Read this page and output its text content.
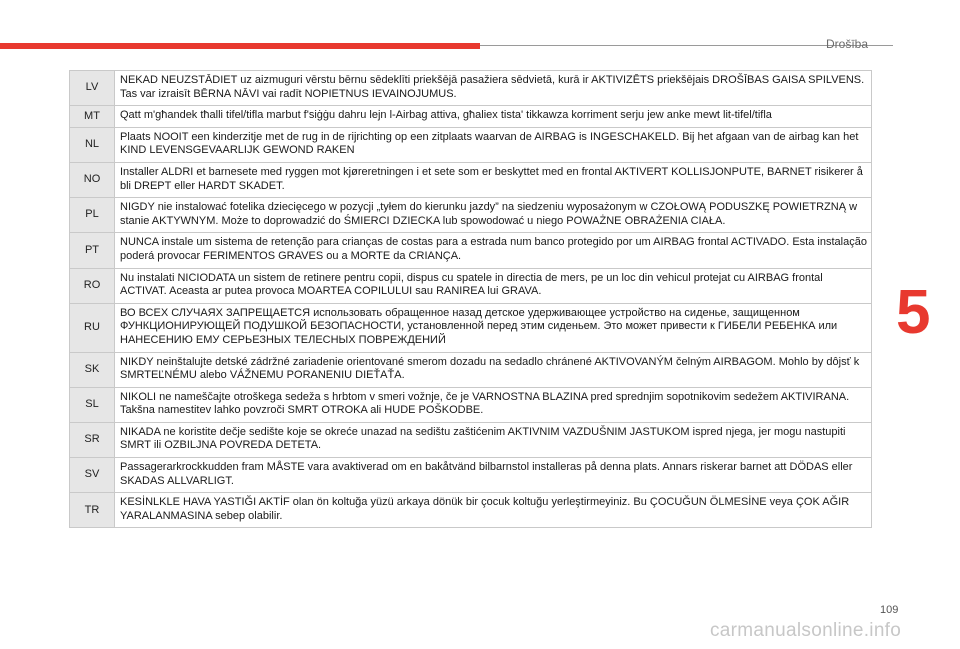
Drošība
LV	NEKAD NEUZSTĀDIET uz aizmuguri vērstu bērnu sēdeklīti priekšējā pasažiera sēdvietā, kurā ir AKTIVIZĒTS priekšējais DROŠĪBAS GAISA SPILVENS. Tas var izraisīt BĒRNA NĀVI vai radīt NOPIETNUS IEVAINOJUMUS.
MT	Qatt m'għandek tħalli tifel/tifla marbut f'siġġu dahru lejn l-Airbag attiva, għaliex tista' tikkawza korriment serju jew anke mewt lit-tifel/tifla
NL	Plaats NOOIT een kinderzitje met de rug in de rijrichting op een zitplaats waarvan de AIRBAG is INGESCHAKELD. Bij het afgaan van de airbag kan het KIND LEVENSGEVAARLIJK GEWOND RAKEN
NO	Installer ALDRI et barnesete med ryggen mot kjøreretningen i et sete som er beskyttet med en frontal AKTIVERT KOLLISJONPUTE, BARNET risikerer å bli DREPT eller HARDT SKADET.
PL	NIGDY nie instalować fotelika dziecięcego w pozycji „tyłem do kierunku jazdy” na siedzeniu wyposażonym w CZOŁOWĄ PODUSZKĘ POWIETRZNĄ w stanie AKTYWNYM. Może to doprowadzić do ŚMIERCI DZIECKA lub spowodować u niego POWAŻNE OBRAŻENIA CIAŁA.
PT	NUNCA instale um sistema de retenção para crianças de costas para a estrada num banco protegido por um AIRBAG frontal ACTIVADO. Esta instalação poderá provocar FERIMENTOS GRAVES ou a MORTE da CRIANÇA.
RO	Nu instalati NICIODATA un sistem de retinere pentru copii, dispus cu spatele in directia de mers, pe un loc din vehicul protejat cu AIRBAG frontal ACTIVAT. Aceasta ar putea provoca MOARTEA COPILULUI sau RANIREA lui GRAVA.
RU	ВО ВСЕХ СЛУЧАЯХ ЗАПРЕЩАЕТСЯ использовать обращенное назад детское удерживающее устройство на сиденье, защищенном ФУНКЦИОНИРУЮЩЕЙ ПОДУШКОЙ БЕЗОПАСНОСТИ, установленной перед этим сиденьем. Это может привести к ГИБЕЛИ РЕБЕНКА или НАНЕСЕНИЮ ЕМУ СЕРЬЕЗНЫХ ТЕЛЕСНЫХ ПОВРЕЖДЕНИЙ
SK	NIKDY neinštalujte detské zádržné zariadenie orientované smerom dozadu na sedadlo chránené AKTIVOVANÝM čelným AIRBAGOM. Mohlo by dôjsť k SMRTEĽNÉMU alebo VÁŽNEMU PORANENIU DIEŤAŤA.
SL	NIKOLI ne nameščajte otroškega sedeža s hrbtom v smeri vožnje, če je VARNOSTNA BLAZINA pred sprednjim sopotnikovim sedežem AKTIVIRANA. Takšna namestitev lahko povzroči SMRT OTROKA ali HUDE POŠKODBE.
SR	NIKADA ne koristite dečje sedište koje se okreće unazad na sedištu zaštićenim AKTIVNIM VAZDUŠNIM JASTUKOM ispred njega, jer mogu nastupiti SMRT ili OZBILJNA POVREDA DETETA.
SV	Passagerarkrockkudden fram MÅSTE vara avaktiverad om en bakåtvänd bilbarnstol installeras på denna plats. Annars riskerar barnet att DÖDAS eller SKADAS ALLVARLIGT.
TR	KESİNLKLE HAVA YASTIĞI AKTİF olan ön koltuğa yüzü arkaya dönük bir çocuk koltuğu yerleştirmeyiniz. Bu ÇOCUĞUN ÖLMESİNE veya ÇOK AĞIR YARALANMASINA sebep olabilir.
5
109
carmanualsonline.info
